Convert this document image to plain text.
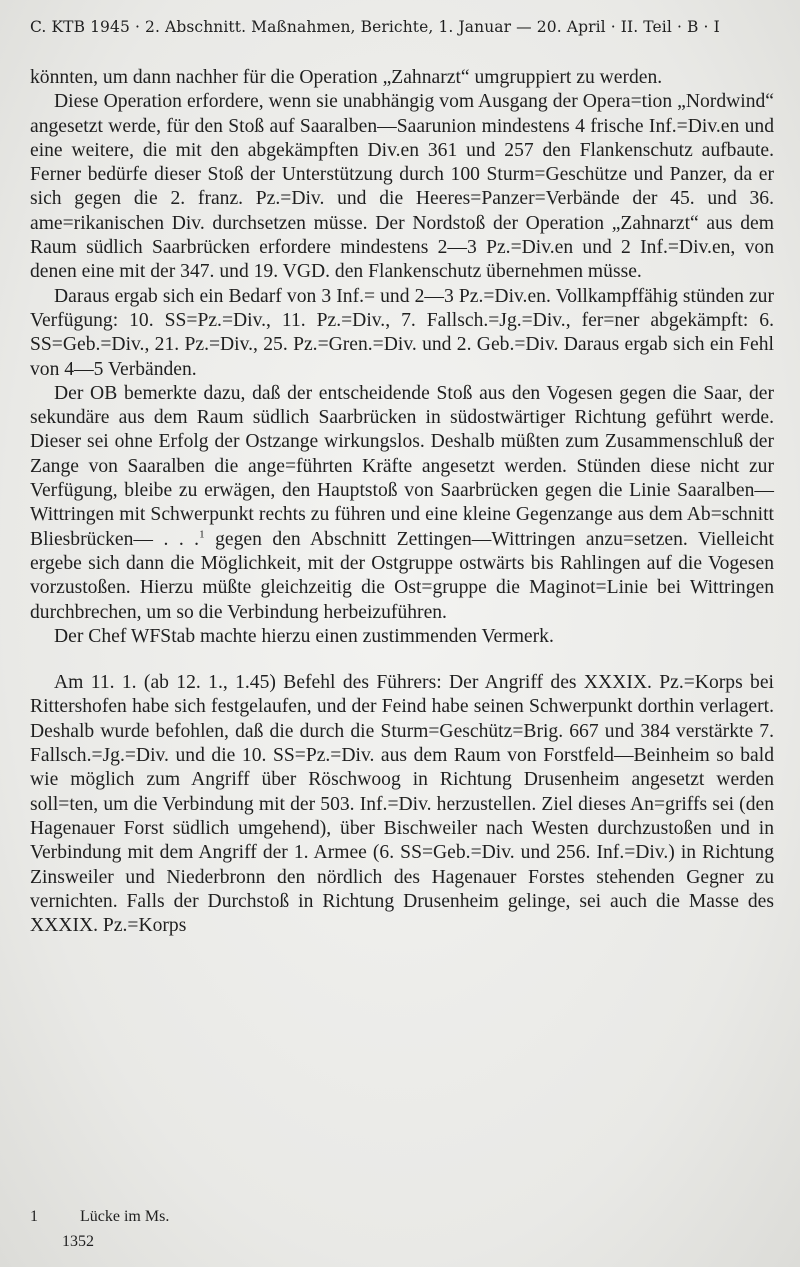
C. KTB 1945 · 2. Abschnitt. Maßnahmen, Berichte, 1. Januar — 20. April · II. Teil · B · I

könnten, um dann nachher für die Operation „Zahnarzt“ umgruppiert zu werden.

Diese Operation erfordere, wenn sie unabhängig vom Ausgang der Opera=tion „Nordwind“ angesetzt werde, für den Stoß auf Saaralben—Saarunion mindestens 4 frische Inf.=Div.en und eine weitere, die mit den abgekämpften Div.en 361 und 257 den Flankenschutz aufbaute. Ferner bedürfe dieser Stoß der Unterstützung durch 100 Sturm=Geschütze und Panzer, da er sich gegen die 2. franz. Pz.=Div. und die Heeres=Panzer=Verbände der 45. und 36. ame=rikanischen Div. durchsetzen müsse. Der Nordstoß der Operation „Zahnarzt“ aus dem Raum südlich Saarbrücken erfordere mindestens 2—3 Pz.=Div.en und 2 Inf.=Div.en, von denen eine mit der 347. und 19. VGD. den Flankenschutz übernehmen müsse.

Daraus ergab sich ein Bedarf von 3 Inf.= und 2—3 Pz.=Div.en. Vollkampffähig stünden zur Verfügung: 10. SS=Pz.=Div., 11. Pz.=Div., 7. Fallsch.=Jg.=Div., fer=ner abgekämpft: 6. SS=Geb.=Div., 21. Pz.=Div., 25. Pz.=Gren.=Div. und 2. Geb.=Div. Daraus ergab sich ein Fehl von 4—5 Verbänden.

Der OB bemerkte dazu, daß der entscheidende Stoß aus den Vogesen gegen die Saar, der sekundäre aus dem Raum südlich Saarbrücken in südostwärtiger Richtung geführt werde. Dieser sei ohne Erfolg der Ostzange wirkungslos. Deshalb müßten zum Zusammenschluß der Zange von Saaralben die ange=führten Kräfte angesetzt werden. Stünden diese nicht zur Verfügung, bleibe zu erwägen, den Hauptstoß von Saarbrücken gegen die Linie Saaralben—Wittringen mit Schwerpunkt rechts zu führen und eine kleine Gegenzange aus dem Ab=schnitt Bliesbrücken— . . .$^1$ gegen den Abschnitt Zettingen—Wittringen anzu=setzen. Vielleicht ergebe sich dann die Möglichkeit, mit der Ostgruppe ostwärts bis Rahlingen auf die Vogesen vorzustoßen. Hierzu müßte gleichzeitig die Ost=gruppe die Maginot=Linie bei Wittringen durchbrechen, um so die Verbindung herbeizuführen.

Der Chef WFStab machte hierzu einen zustimmenden Vermerk.

Am 11. 1. (ab 12. 1., 1.45) Befehl des Führers: Der Angriff des XXXIX. Pz.=Korps bei Rittershofen habe sich festgelaufen, und der Feind habe seinen Schwerpunkt dorthin verlagert. Deshalb wurde befohlen, daß die durch die Sturm=Geschütz=Brig. 667 und 384 verstärkte 7. Fallsch.=Jg.=Div. und die 10. SS=Pz.=Div. aus dem Raum von Forstfeld—Beinheim so bald wie möglich zum Angriff über Röschwoog in Richtung Drusenheim angesetzt werden soll=ten, um die Verbindung mit der 503. Inf.=Div. herzustellen. Ziel dieses An=griffs sei (den Hagenauer Forst südlich umgehend), über Bischweiler nach Westen durchzustoßen und in Verbindung mit dem Angriff der 1. Armee (6. SS=Geb.=Div. und 256. Inf.=Div.) in Richtung Zinsweiler und Niederbronn den nördlich des Hagenauer Forstes stehenden Gegner zu vernichten. Falls der Durchstoß in Richtung Drusenheim gelinge, sei auch die Masse des XXXIX. Pz.=Korps

1	Lücke im Ms.
1352
